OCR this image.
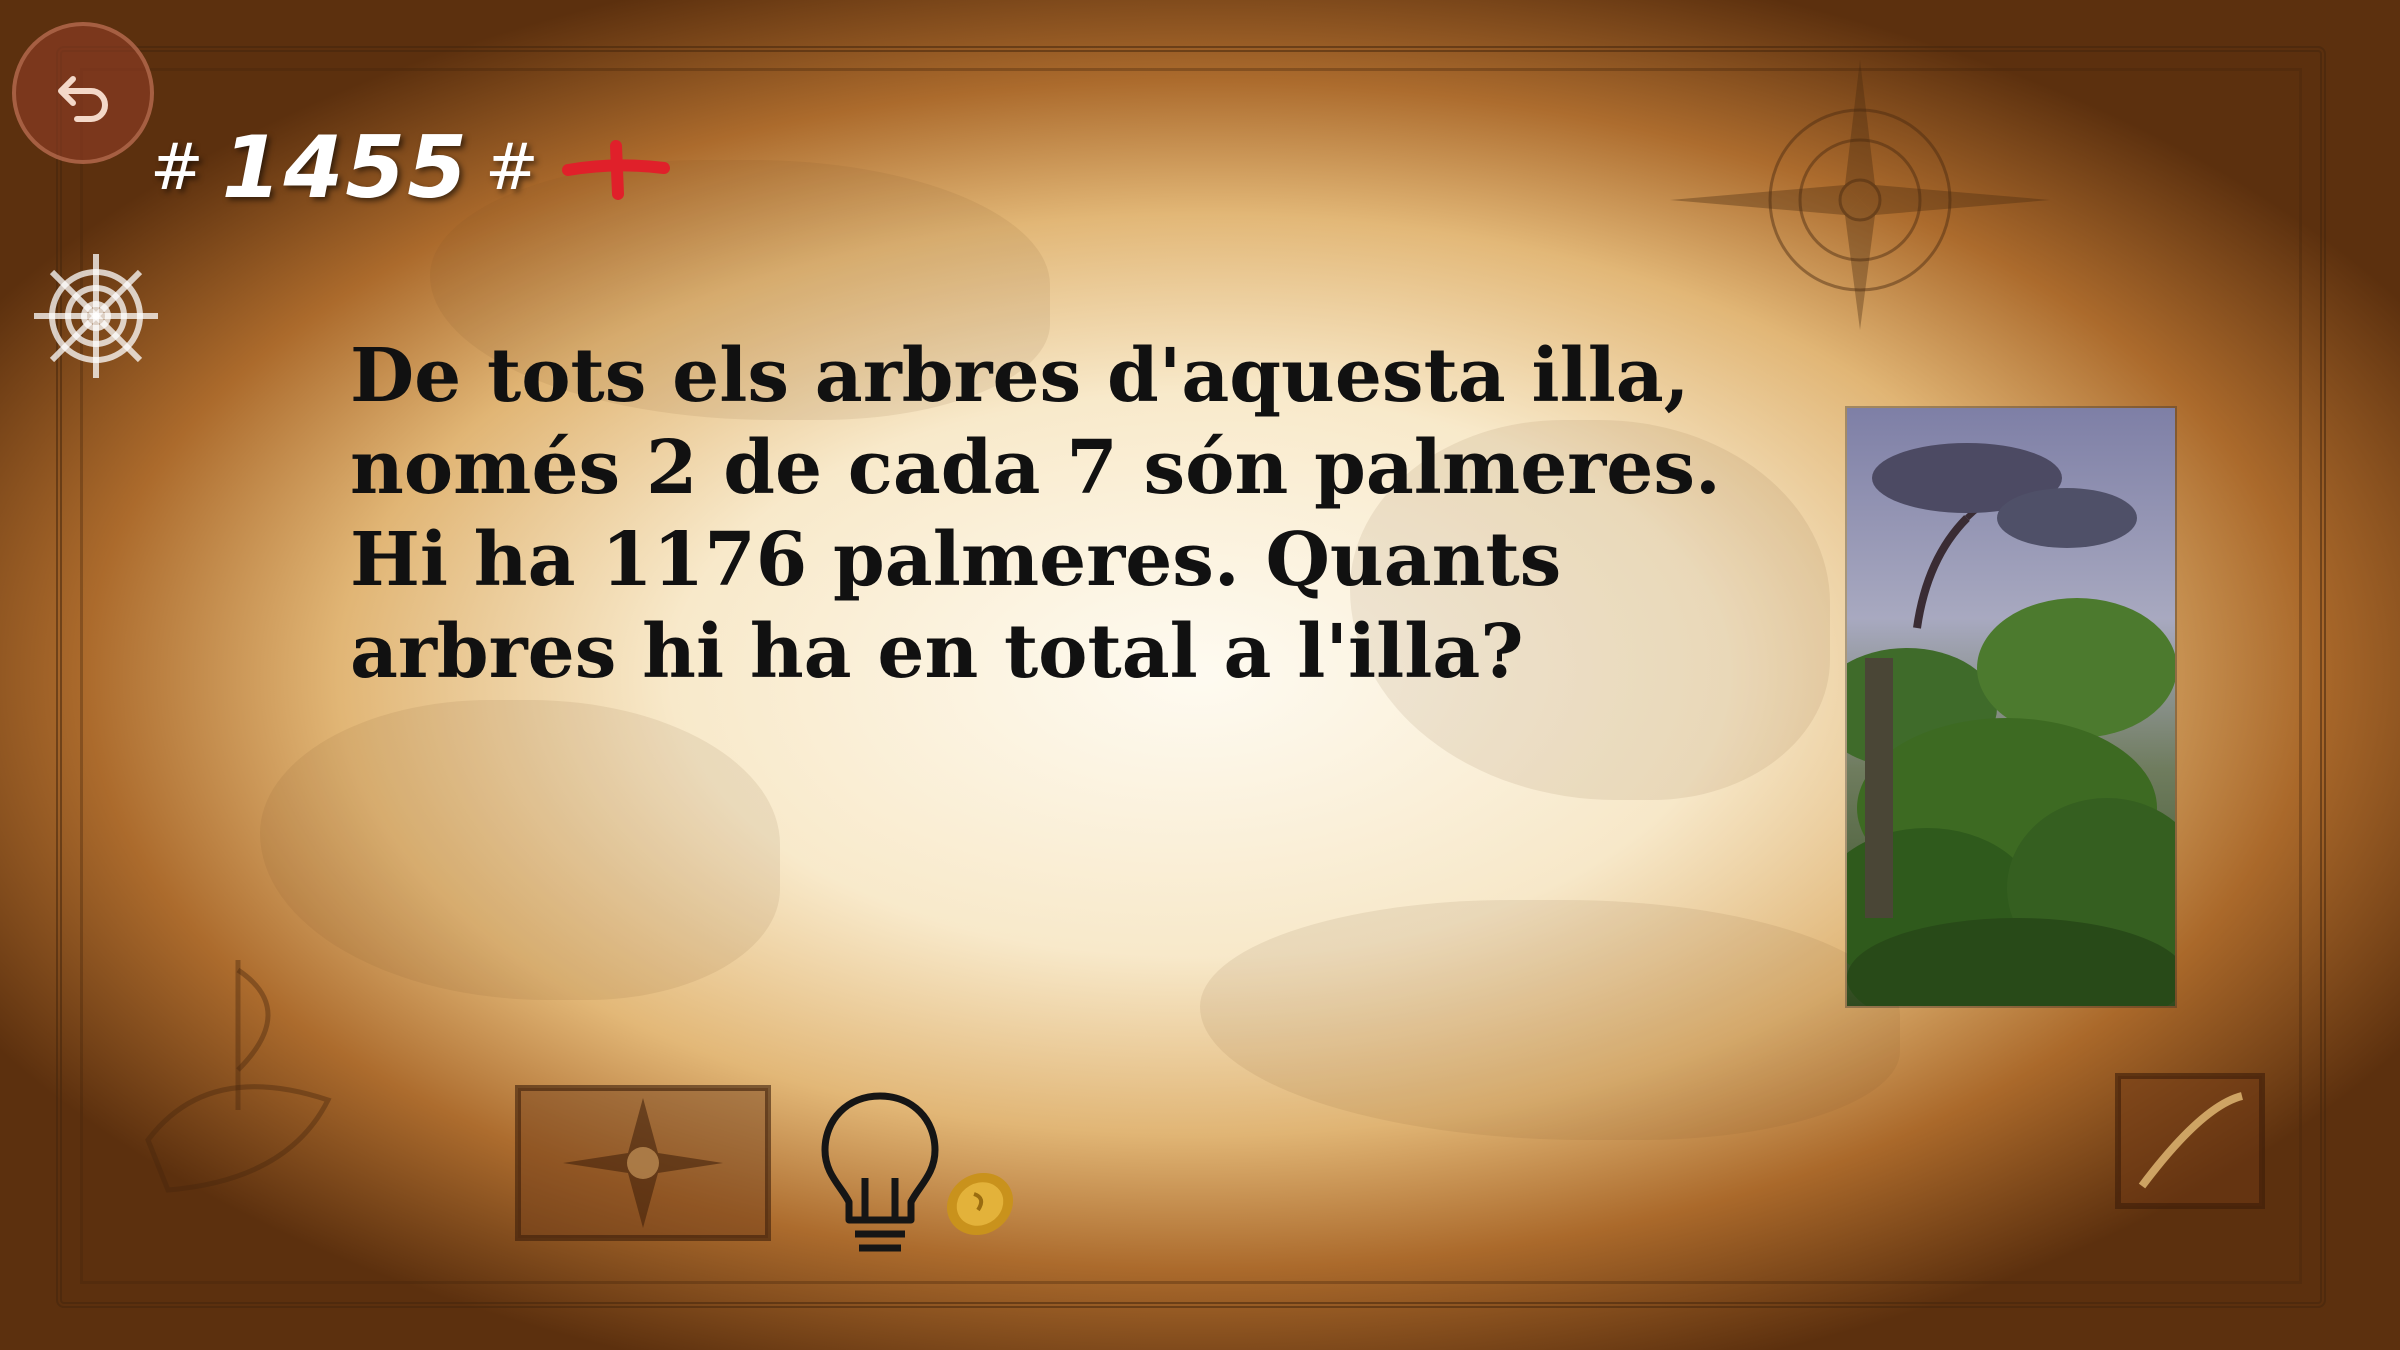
# 1455 #
De tots els arbres d'aquesta illa, només 2 de cada 7 són palmeres. Hi ha 1176 palmeres. Quants arbres hi ha en total a l'illa?
